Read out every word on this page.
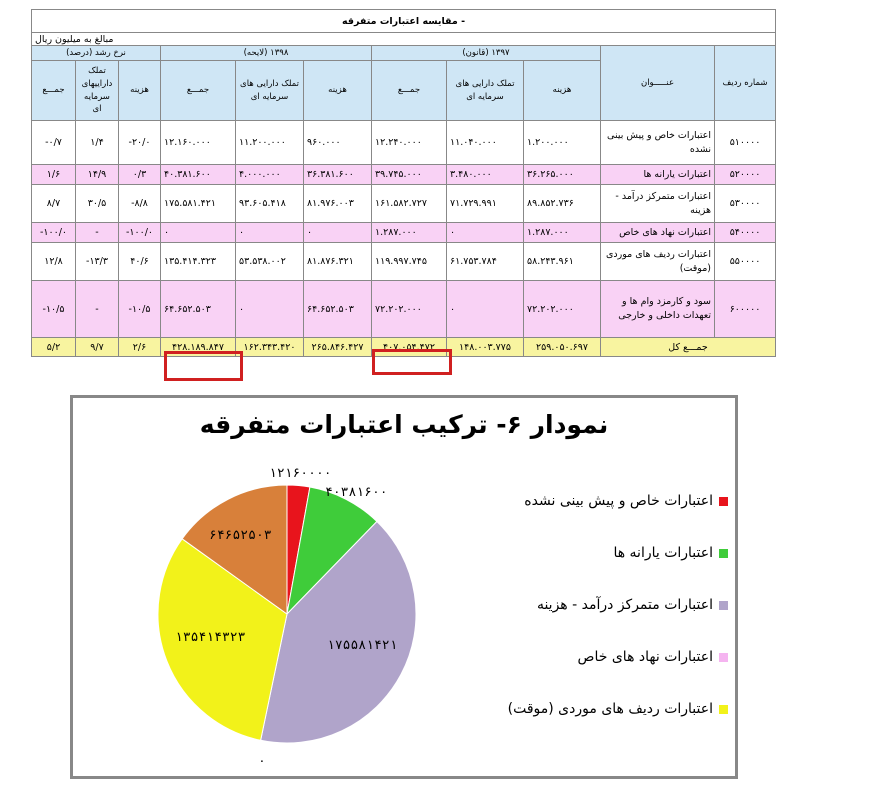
- مقایسه اعتبارات متفرقه										
مبالغ به میلیون ریال										
نرخ رشد (درصد)			۱۳۹۸ (لایحه)			۱۳۹۷ (قانون)			عنـــــوان	شماره ردیف
جمـــع	تملک داراییهای سرمایه ای	هزینه	جمـــع	تملک دارایی های سرمایه ای	هزینه	جمـــع	تملک دارایی های سرمایه ای	هزینه		
-۰/۷	۱/۴	-۲۰/۰	۱۲.۱۶۰.۰۰۰	۱۱.۲۰۰.۰۰۰	۹۶۰.۰۰۰	۱۲.۲۴۰.۰۰۰	۱۱.۰۴۰.۰۰۰	۱.۲۰۰.۰۰۰	اعتبارات خاص و پیش بینی نشده	۵۱۰۰۰۰
۱/۶	۱۴/۹	۰/۳	۴۰.۳۸۱.۶۰۰	۴.۰۰۰.۰۰۰	۳۶.۳۸۱.۶۰۰	۳۹.۷۴۵.۰۰۰	۳.۴۸۰.۰۰۰	۳۶.۲۶۵.۰۰۰	اعتبارات یارانه ها	۵۲۰۰۰۰
۸/۷	۳۰/۵	-۸/۸	۱۷۵.۵۸۱.۴۲۱	۹۳.۶۰۵.۴۱۸	۸۱.۹۷۶.۰۰۳	۱۶۱.۵۸۲.۷۲۷	۷۱.۷۲۹.۹۹۱	۸۹.۸۵۲.۷۳۶	اعتبارات متمرکز درآمد - هزینه	۵۳۰۰۰۰
-۱۰۰/۰	-	-۱۰۰/۰	۰	۰	۰	۱.۲۸۷.۰۰۰	۰	۱.۲۸۷.۰۰۰	اعتبارات نهاد های خاص	۵۴۰۰۰۰
۱۲/۸	-۱۳/۳	۴۰/۶	۱۳۵.۴۱۴.۳۲۳	۵۳.۵۳۸.۰۰۲	۸۱.۸۷۶.۳۲۱	۱۱۹.۹۹۷.۷۴۵	۶۱.۷۵۳.۷۸۴	۵۸.۲۴۳.۹۶۱	اعتبارات ردیف های موردی (موقت)	۵۵۰۰۰۰
-۱۰/۵	-	-۱۰/۵	۶۴.۶۵۲.۵۰۳	۰	۶۴.۶۵۲.۵۰۳	۷۲.۲۰۲.۰۰۰	۰	۷۲.۲۰۲.۰۰۰	سود و کارمزد وام ها و تعهدات داخلی و خارجی	۶۰۰۰۰۰
۵/۲	۹/۷	۲/۶	۴۲۸.۱۸۹.۸۴۷	۱۶۲.۳۴۳.۴۲۰	۲۶۵.۸۴۶.۴۲۷	۴۰۷.۰۵۴.۴۷۲	۱۴۸.۰۰۳.۷۷۵	۲۵۹.۰۵۰.۶۹۷	جمـــع کل	
نمودار ۶- ترکیب اعتبارات متفرقه
۱۲۱۶۰۰۰۰
۴۰۳۸۱۶۰۰
۱۷۵۵۸۱۴۲۱
۰
۱۳۵۴۱۴۳۲۳
۶۴۶۵۲۵۰۳
اعتبارات خاص و پیش بینی نشده
اعتبارات یارانه ها
اعتبارات متمرکز درآمد - هزینه
اعتبارات نهاد های خاص
اعتبارات ردیف های موردی (موقت)
